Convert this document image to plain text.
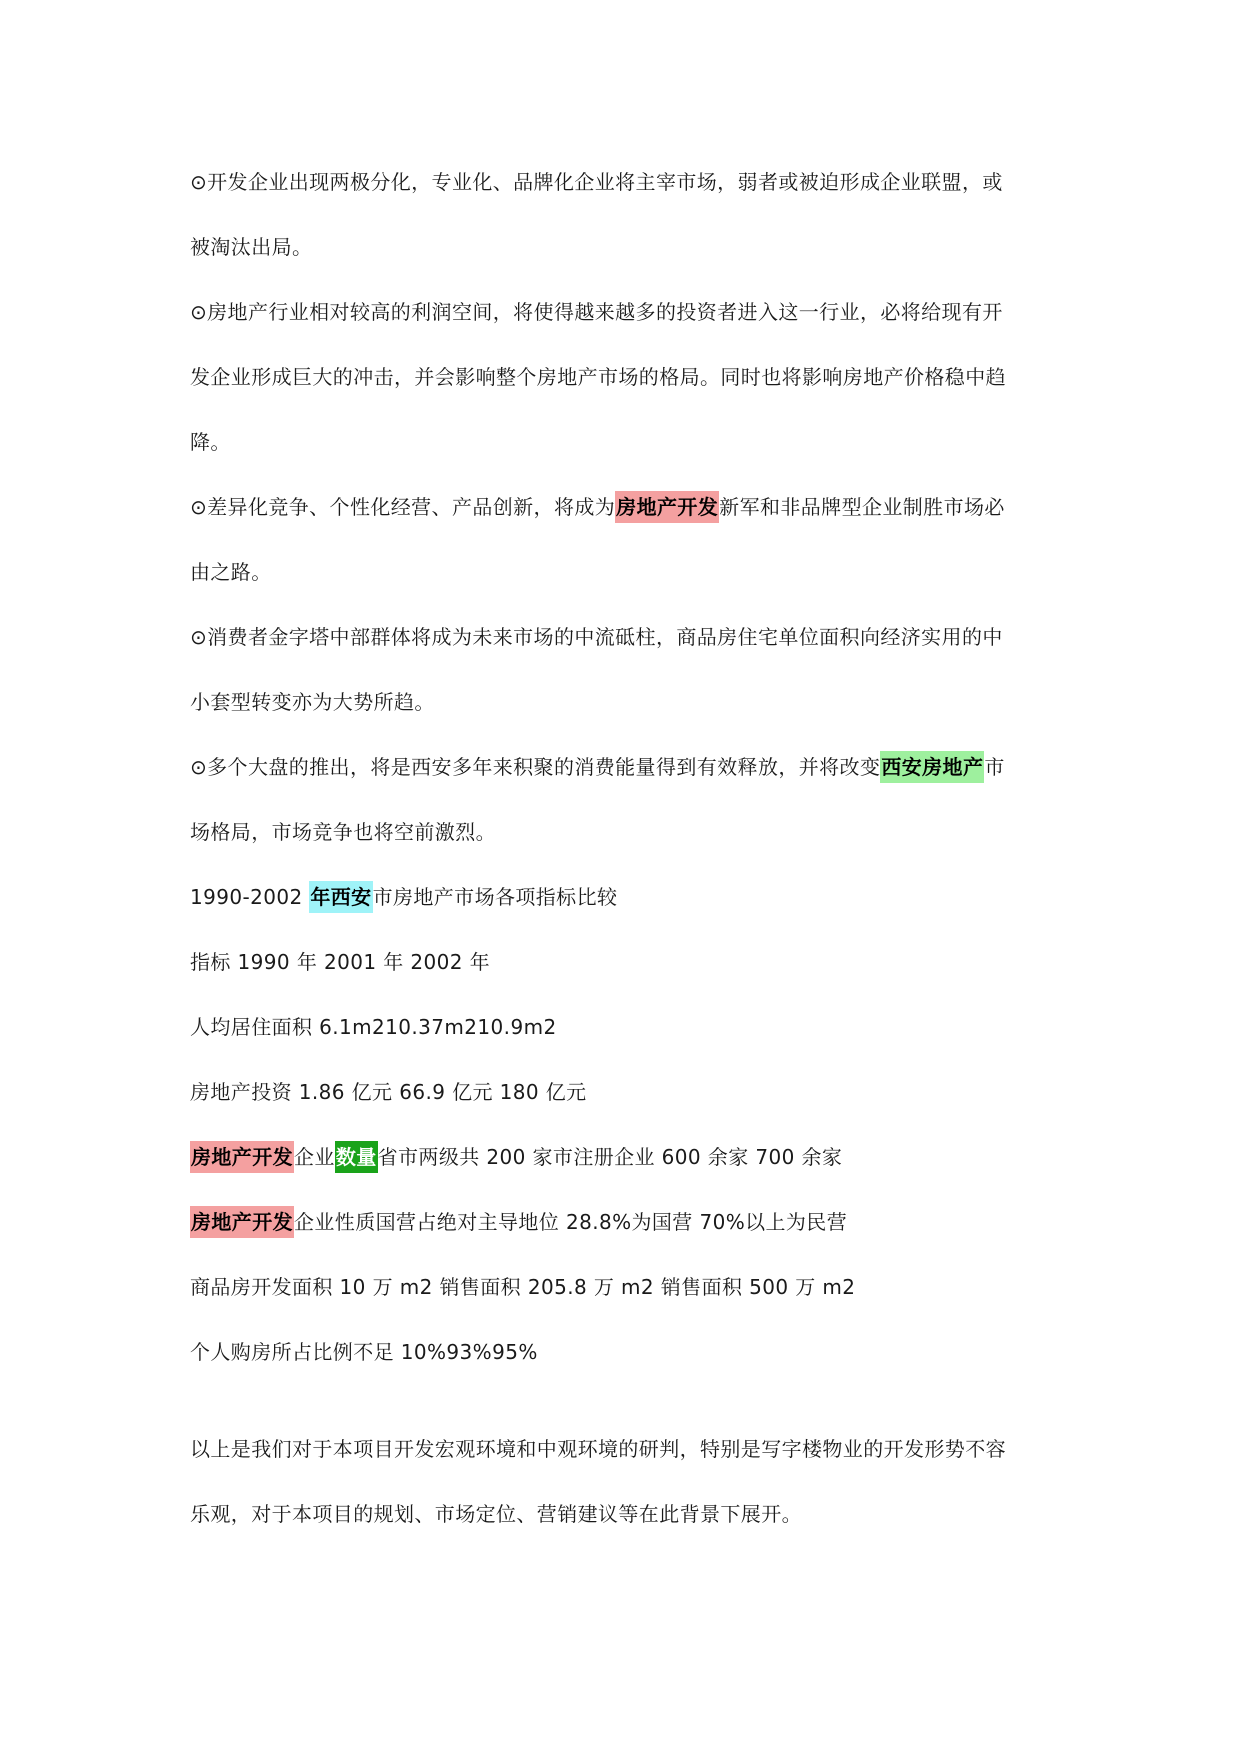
⊙开发企业出现两极分化，专业化、品牌化企业将主宰市场，弱者或被迫形成企业联盟，或
被淘汰出局。
⊙房地产行业相对较高的利润空间，将使得越来越多的投资者进入这一行业，必将给现有开
发企业形成巨大的冲击，并会影响整个房地产市场的格局。同时也将影响房地产价格稳中趋
降。
⊙差异化竞争、个性化经营、产品创新，将成为房地产开发新军和非品牌型企业制胜市场必
由之路。
⊙消费者金字塔中部群体将成为未来市场的中流砥柱，商品房住宅单位面积向经济实用的中
小套型转变亦为大势所趋。
⊙多个大盘的推出，将是西安多年来积聚的消费能量得到有效释放，并将改变西安房地产市
场格局，市场竞争也将空前激烈。
1990-2002 年西安市房地产市场各项指标比较
指标 1990 年 2001 年 2002 年
人均居住面积 6.1m210.37m210.9m2
房地产投资 1.86 亿元 66.9 亿元 180 亿元
房地产开发企业数量省市两级共 200 家市注册企业 600 余家 700 余家
房地产开发企业性质国营占绝对主导地位 28.8%为国营 70%以上为民营
商品房开发面积 10 万 m2 销售面积 205.8 万 m2 销售面积 500 万 m2
个人购房所占比例不足 10%93%95%
以上是我们对于本项目开发宏观环境和中观环境的研判，特别是写字楼物业的开发形势不容
乐观，对于本项目的规划、市场定位、营销建议等在此背景下展开。
